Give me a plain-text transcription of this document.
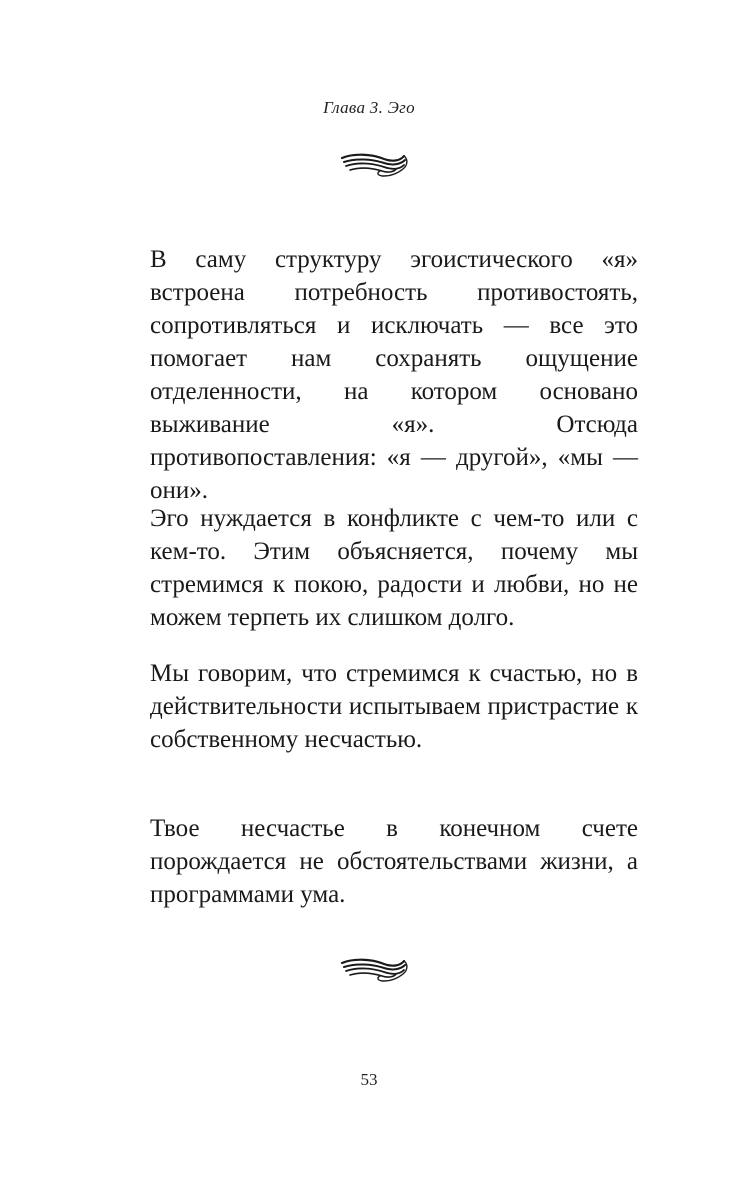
Глава 3. Эго

В саму структуру эгоистического «я» встроена потребность противостоять, сопротивляться и исключать — все это помогает нам сохранять ощущение отделенности, на котором основано выживание «я». Отсюда противопоставления: «я — другой», «мы — они».

Эго нуждается в конфликте с чем-то или с кем-то. Этим объясняется, почему мы стремимся к покою, радости и любви, но не можем терпеть их слишком долго.

Мы говорим, что стремимся к счастью, но в действительности испытываем пристрастие к собственному несчастью.

Твое несчастье в конечном счете порождается не обстоятельствами жизни, а программами ума.

53
